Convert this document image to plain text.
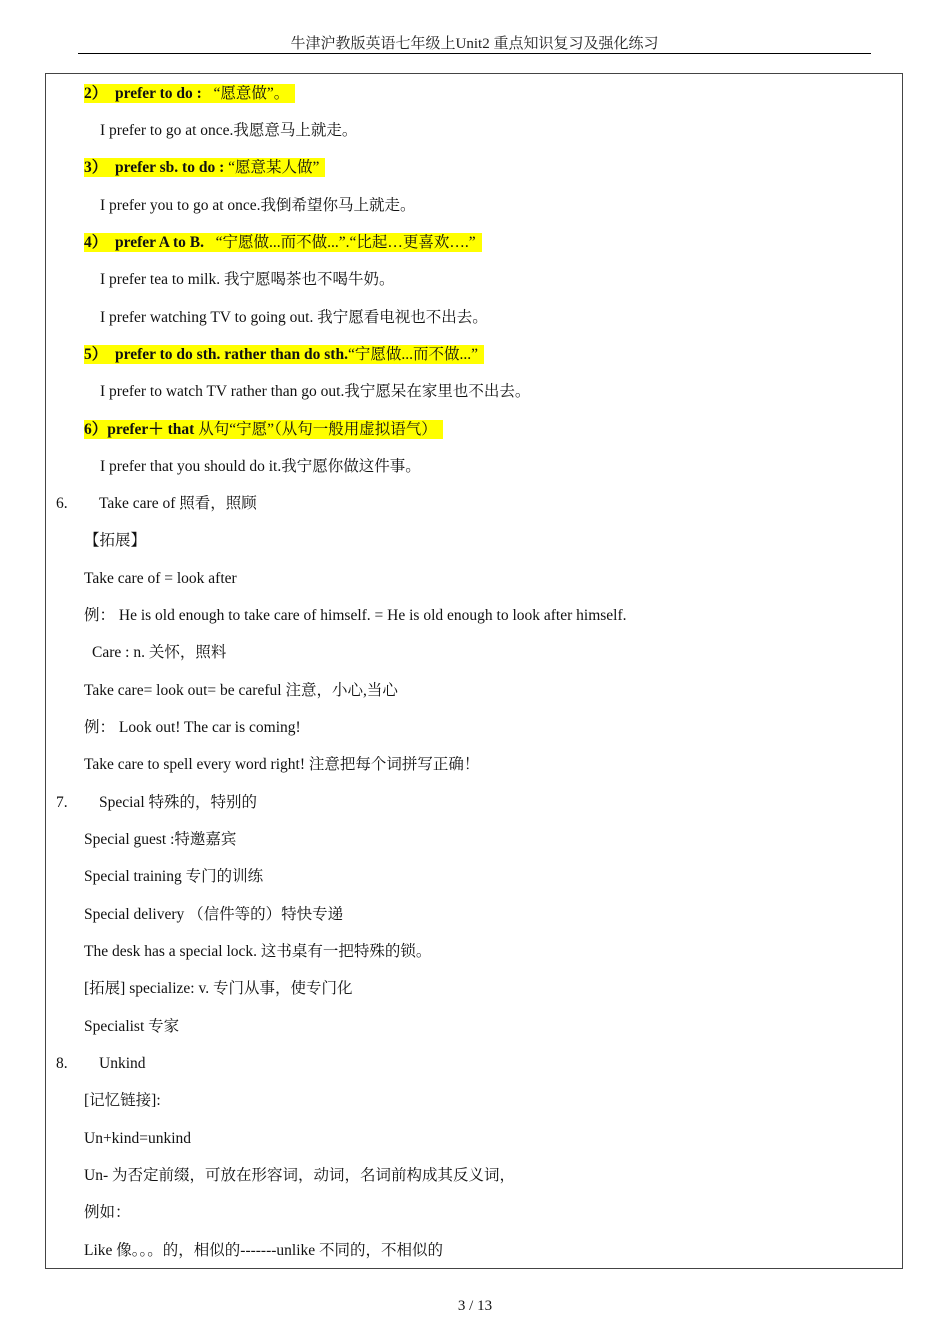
牛津沪教版英语七年级上Unit2 重点知识复习及强化练习
2） prefer to do : “愿意做”。
I prefer to go at once.我愿意马上就走。
3） prefer sb. to do : “愿意某人做”
I prefer you to go at once.我倒希望你马上就走。
4） prefer A to B. “宁愿做...而不做...”.“比起…更喜欢….”
I prefer tea to milk. 我宁愿喝茶也不喝牛奶。
I prefer watching TV to going out. 我宁愿看电视也不出去。
5） prefer to do sth. rather than do sth.“宁愿做...而不做...”
I prefer to watch TV rather than go out.我宁愿呆在家里也不出去。
6）prefer＋ that 从句“宁愿”（从句一般用虚拟语气）
I prefer that you should do it.我宁愿你做这件事。
6. Take care of 照看，照顾
【拓展】
Take care of = look after
例： He is old enough to take care of himself. = He is old enough to look after himself.
Care : n. 关怀，照料
Take care= look out= be careful 注意，小心,当心
例： Look out! The car is coming!
Take care to spell every word right! 注意把每个词拼写正确！
7. Special 特殊的，特别的
Special guest :特邀嘉宾
Special training 专门的训练
Special delivery （信件等的）特快专递
The desk has a special lock. 这书桌有一把特殊的锁。
[拓展] specialize: v. 专门从事，使专门化
Specialist 专家
8. Unkind
[记忆链接]:
Un+kind=unkind
Un- 为否定前缀，可放在形容词，动词，名词前构成其反义词，
例如：
Like 像。。。的，相似的-------unlike 不同的，不相似的
3 / 13
